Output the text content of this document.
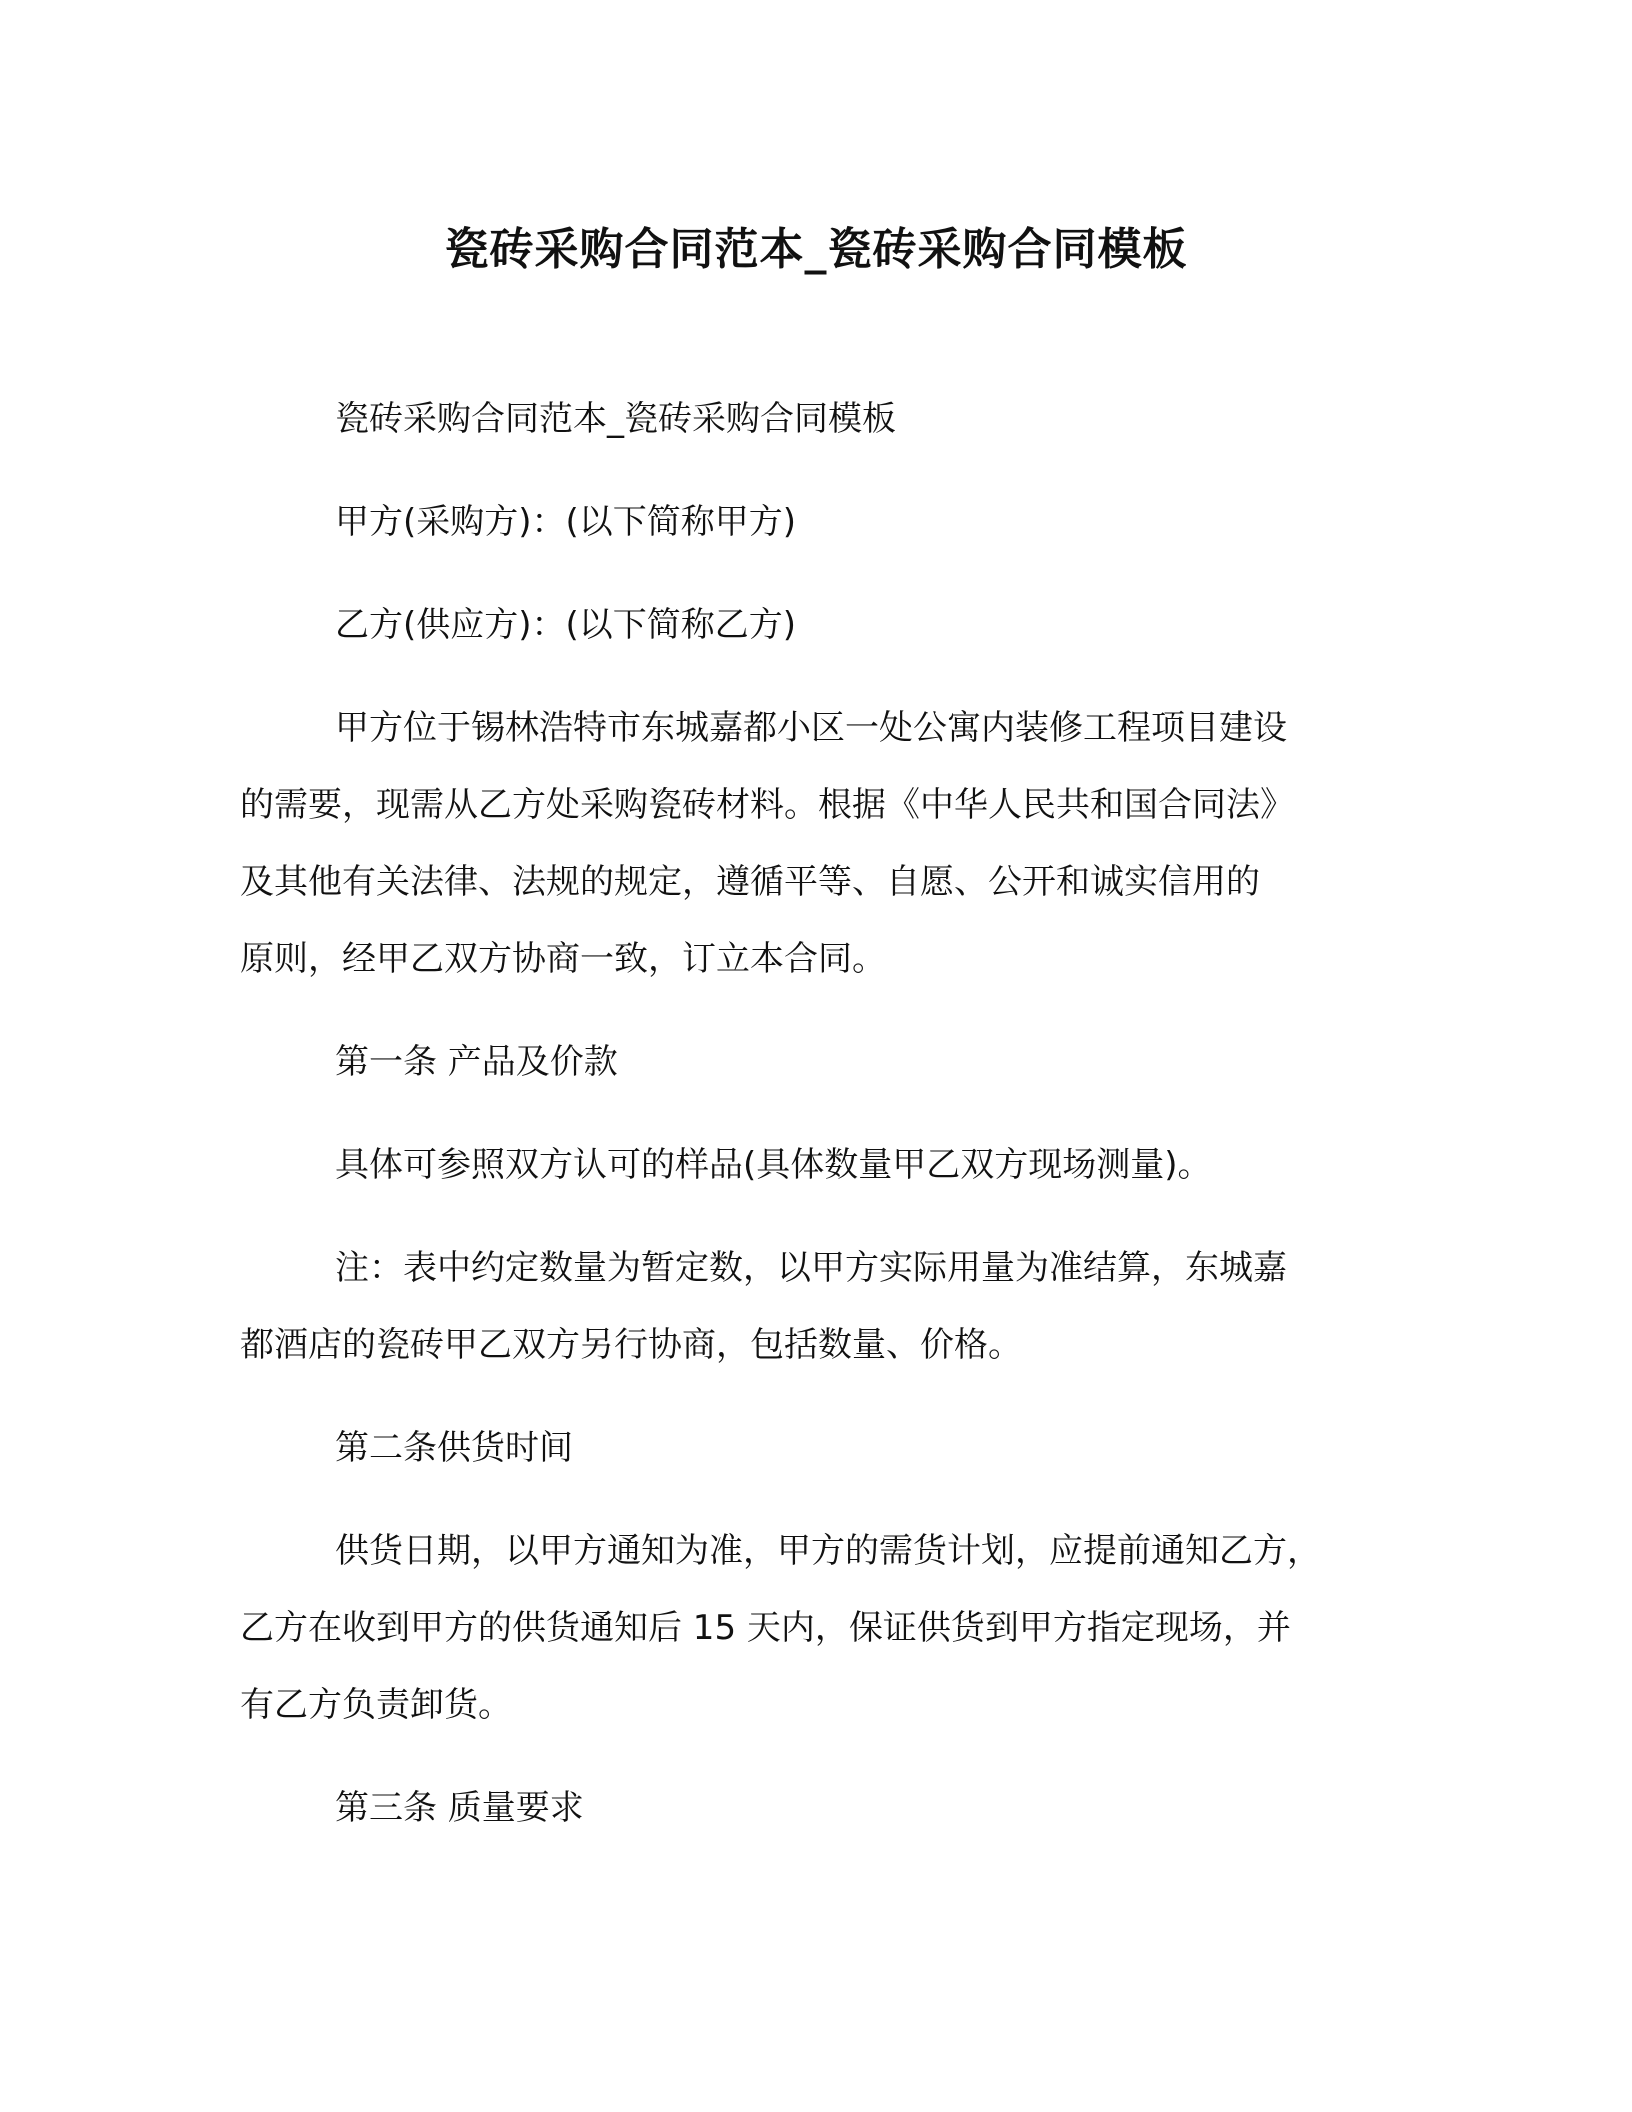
瓷砖采购合同范本_瓷砖采购合同模板
瓷砖采购合同范本_瓷砖采购合同模板
甲方(采购方)：(以下简称甲方)
乙方(供应方)：(以下简称乙方)
甲方位于锡林浩特市东城嘉都小区一处公寓内装修工程项目建设
的需要，现需从乙方处采购瓷砖材料。根据《中华人民共和国合同法》
及其他有关法律、法规的规定，遵循平等、自愿、公开和诚实信用的
原则，经甲乙双方协商一致，订立本合同。
第一条 产品及价款
具体可参照双方认可的样品(具体数量甲乙双方现场测量)。
注：表中约定数量为暂定数，以甲方实际用量为准结算，东城嘉
都酒店的瓷砖甲乙双方另行协商，包括数量、价格。
第二条供货时间
供货日期，以甲方通知为准，甲方的需货计划，应提前通知乙方，
乙方在收到甲方的供货通知后 15 天内，保证供货到甲方指定现场，并
有乙方负责卸货。
第三条 质量要求
